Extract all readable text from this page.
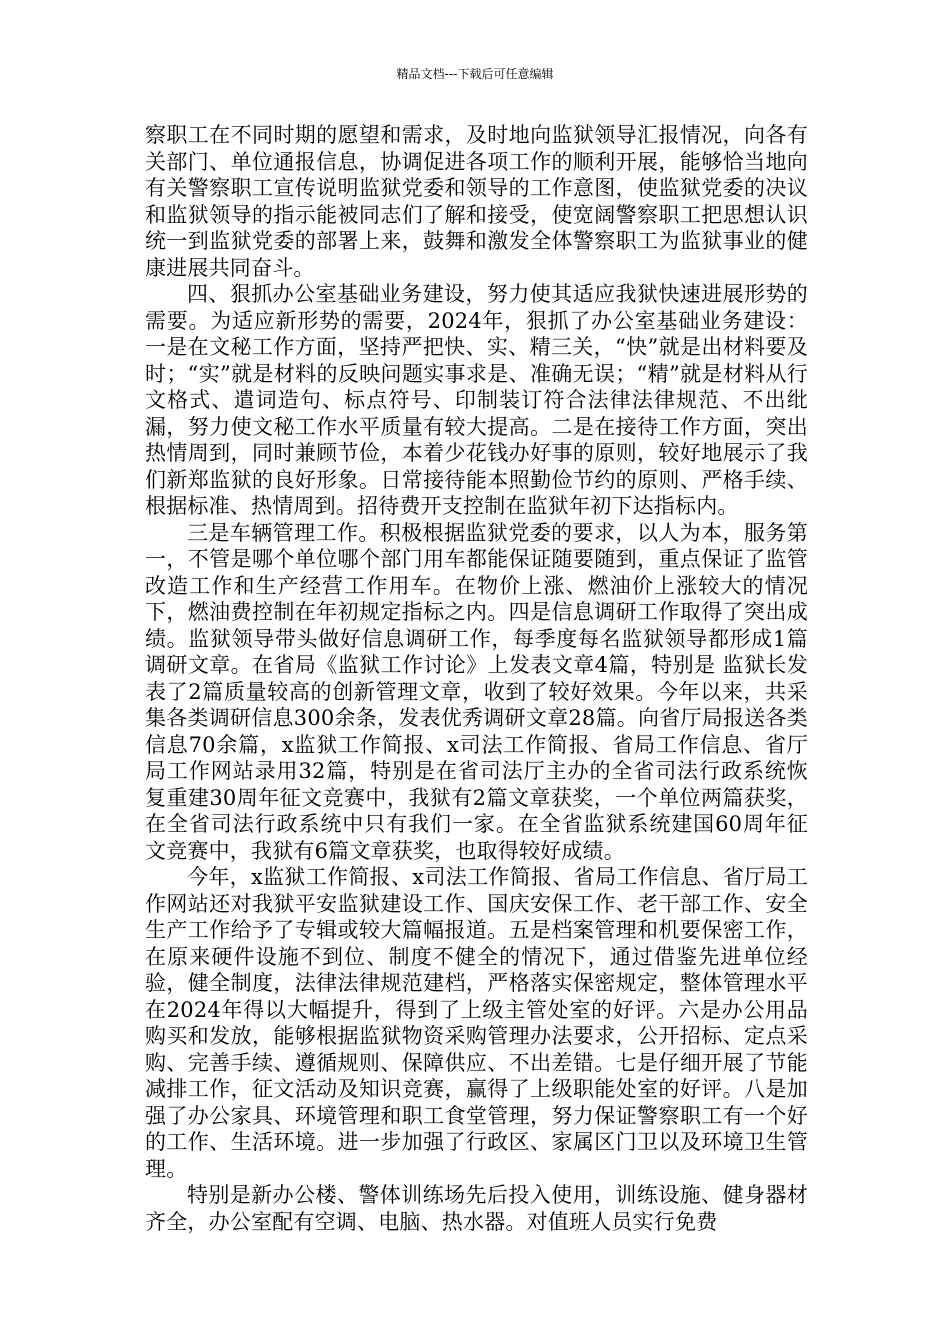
精品文档---下载后可任意编辑

察职工在不同时期的愿望和需求，及时地向监狱领导汇报情况，向各有关部门、单位通报信息，协调促进各项工作的顺利开展，能够恰当地向有关警察职工宣传说明监狱党委和领导的工作意图，使监狱党委的决议和监狱领导的指示能被同志们了解和接受，使宽阔警察职工把思想认识统一到监狱党委的部署上来，鼓舞和激发全体警察职工为监狱事业的健康进展共同奋斗。

四、狠抓办公室基础业务建设，努力使其适应我狱快速进展形势的需要。为适应新形势的需要，2024年，狠抓了办公室基础业务建设：一是在文秘工作方面，坚持严把快、实、精三关，“快”就是出材料要及时；“实”就是材料的反映问题实事求是、准确无误；“精”就是材料从行文格式、遣词造句、标点符号、印制装订符合法律法律规范、不出纰漏，努力使文秘工作水平质量有较大提高。二是在接待工作方面，突出热情周到，同时兼顾节俭，本着少花钱办好事的原则，较好地展示了我们新郑监狱的良好形象。日常接待能本照勤俭节约的原则、严格手续、根据标准、热情周到。招待费开支控制在监狱年初下达指标内。

三是车辆管理工作。积极根据监狱党委的要求，以人为本，服务第一，不管是哪个单位哪个部门用车都能保证随要随到，重点保证了监管改造工作和生产经营工作用车。在物价上涨、燃油价上涨较大的情况下，燃油费控制在年初规定指标之内。四是信息调研工作取得了突出成绩。监狱领导带头做好信息调研工作，每季度每名监狱领导都形成1篇调研文章。在省局《监狱工作讨论》上发表文章4篇，特别是 监狱长发表了2篇质量较高的创新管理文章，收到了较好效果。今年以来，共采集各类调研信息300余条，发表优秀调研文章28篇。向省厅局报送各类信息70余篇，x监狱工作简报、x司法工作简报、省局工作信息、省厅局工作网站录用32篇，特别是在省司法厅主办的全省司法行政系统恢复重建30周年征文竞赛中，我狱有2篇文章获奖，一个单位两篇获奖，在全省司法行政系统中只有我们一家。在全省监狱系统建国60周年征文竞赛中，我狱有6篇文章获奖，也取得较好成绩。

今年，x监狱工作简报、x司法工作简报、省局工作信息、省厅局工作网站还对我狱平安监狱建设工作、国庆安保工作、老干部工作、安全生产工作给予了专辑或较大篇幅报道。五是档案管理和机要保密工作，在原来硬件设施不到位、制度不健全的情况下，通过借鉴先进单位经验，健全制度，法律法律规范建档，严格落实保密规定，整体管理水平在2024年得以大幅提升，得到了上级主管处室的好评。六是办公用品购买和发放，能够根据监狱物资采购管理办法要求，公开招标、定点采购、完善手续、遵循规则、保障供应、不出差错。七是仔细开展了节能减排工作，征文活动及知识竞赛，赢得了上级职能处室的好评。八是加强了办公家具、环境管理和职工食堂管理，努力保证警察职工有一个好的工作、生活环境。进一步加强了行政区、家属区门卫以及环境卫生管理。

特别是新办公楼、警体训练场先后投入使用，训练设施、健身器材齐全，办公室配有空调、电脑、热水器。对值班人员实行免费
